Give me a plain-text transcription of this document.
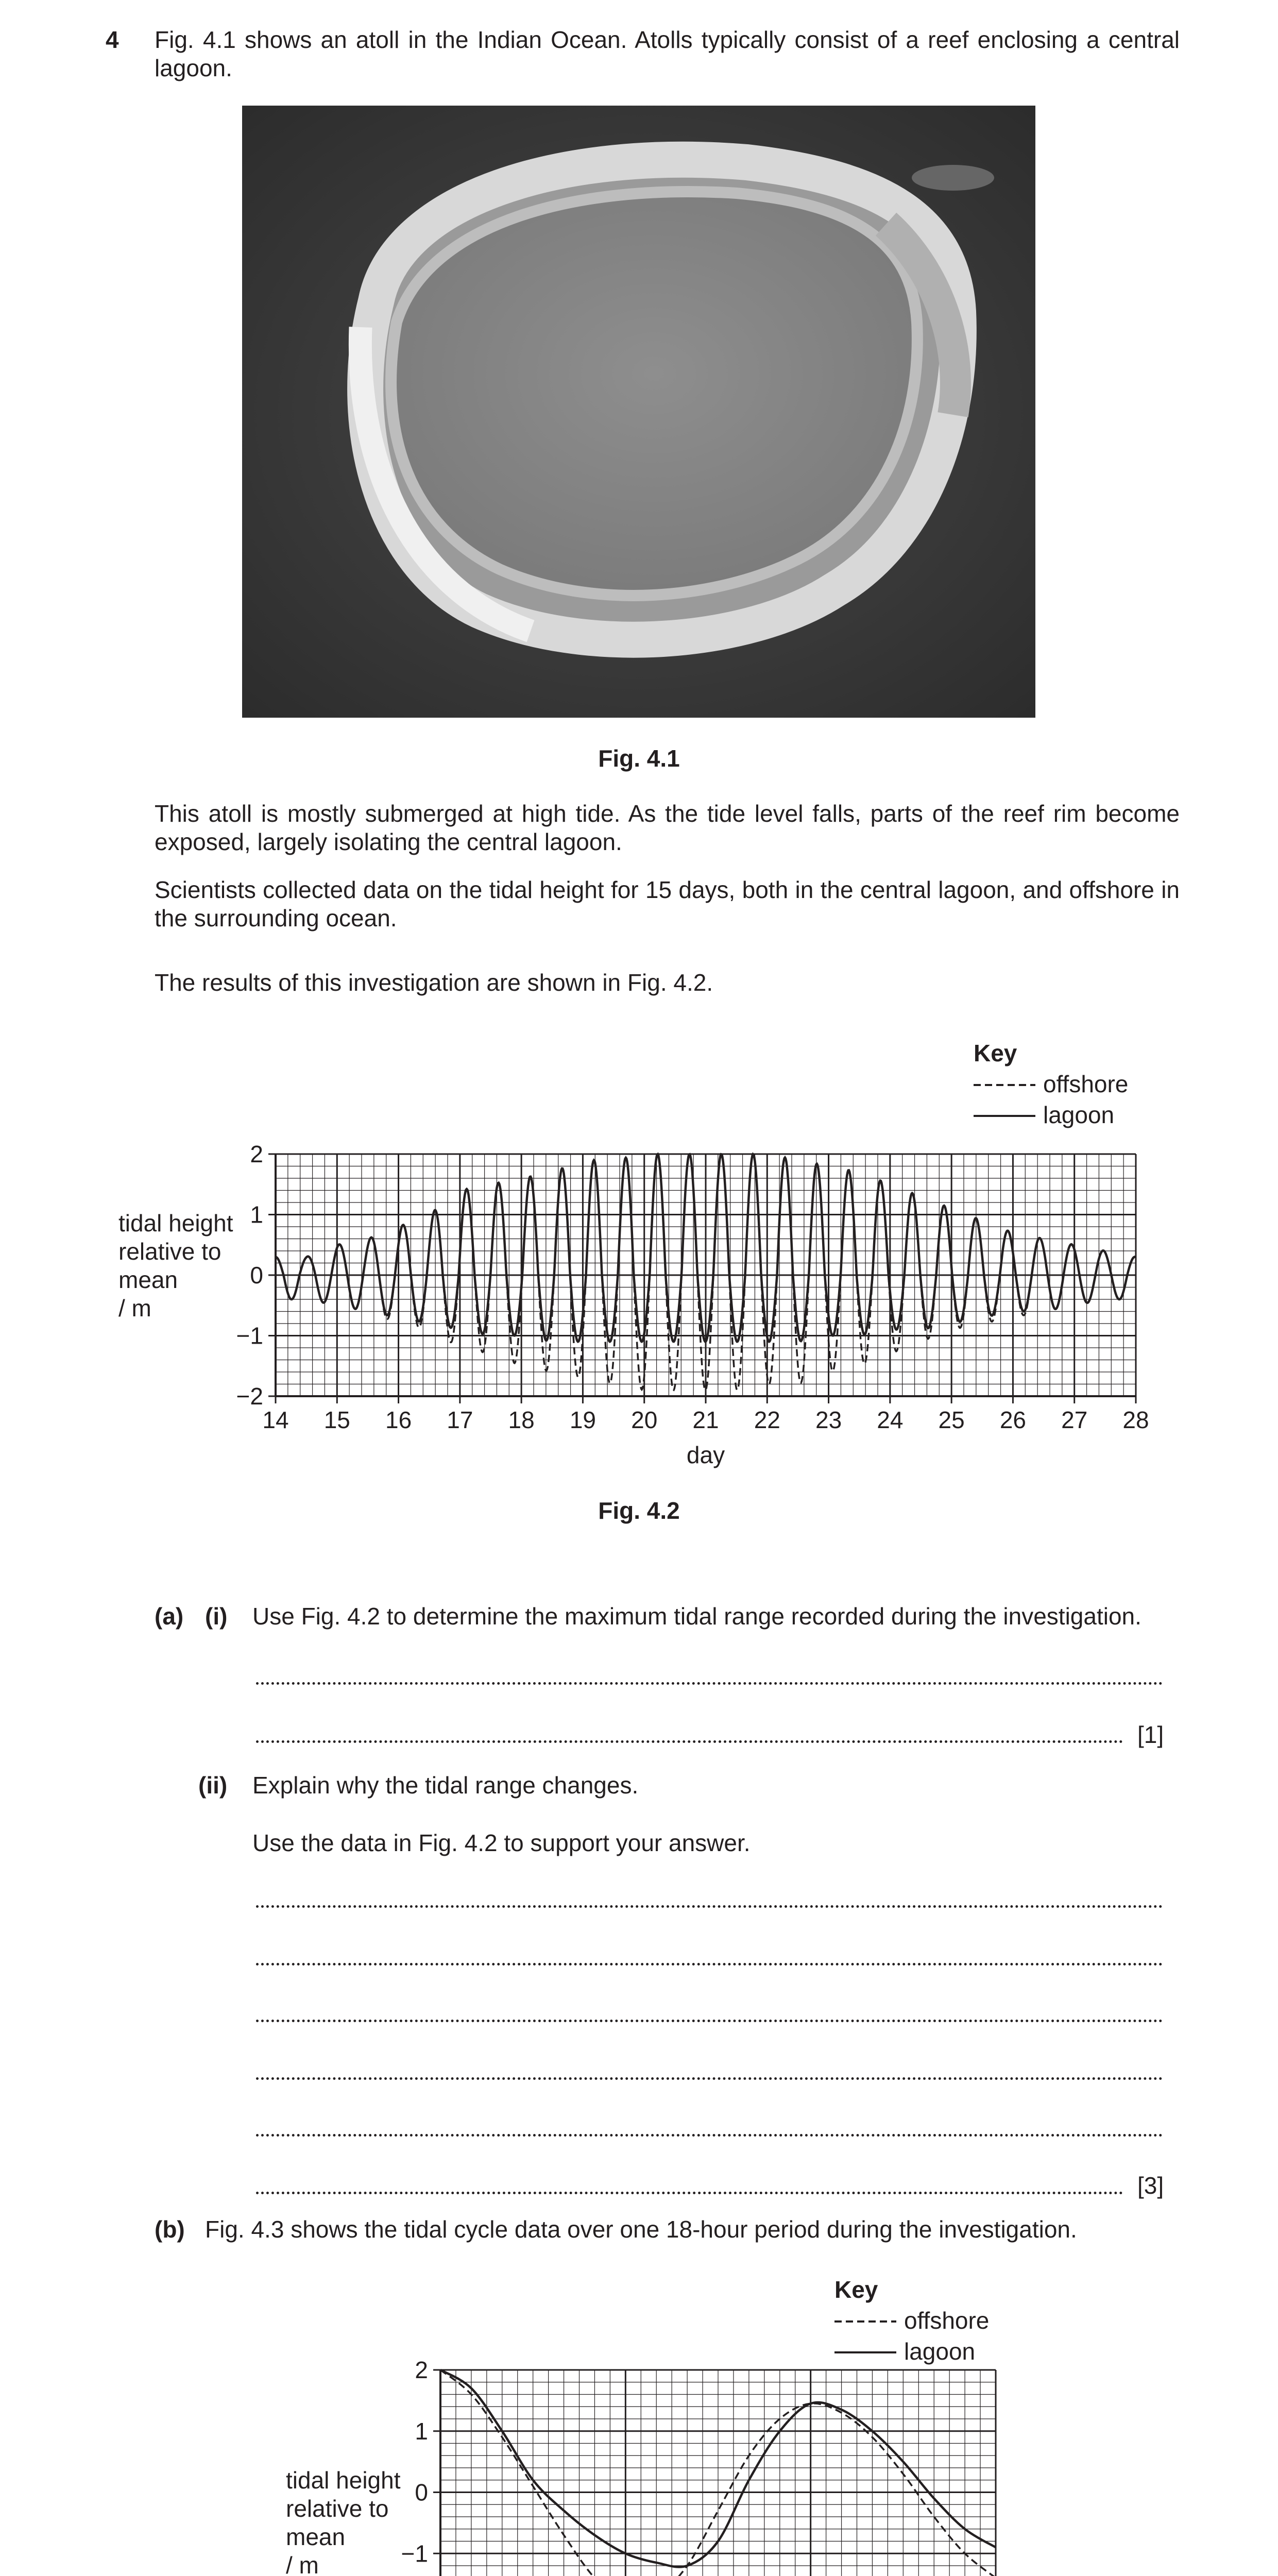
4 Fig. 4.1 shows an atoll in the Indian Ocean. Atolls typically consist of a reef enclosing a central lagoon.

Fig. 4.1

This atoll is mostly submerged at high tide. As the tide level falls, parts of the reef rim become exposed, largely isolating the central lagoon.

Scientists collected data on the tidal height for 15 days, both in the central lagoon, and offshore in the surrounding ocean.

The results of this investigation are shown in Fig. 4.2.

14 15 16 17 18 19 20 21 22 23 24 25 26 27 28
2
1
0
−1
−2
day
tidal height
relative to
mean
/ m
Key
offshore
lagoon
Fig. 4.2
(a) (i) Use Fig. 4.2 to determine the maximum tidal range recorded during the investigation.
[1]
(ii) Explain why the tidal range changes.
Use the data in Fig. 4.2 to support your answer.
[3]
(b) Fig. 4.3 shows the tidal cycle data over one 18-hour period during the investigation.
2
1
0
−1
tidal height
relative to
mean
/ m
Key
offshore
lagoon
